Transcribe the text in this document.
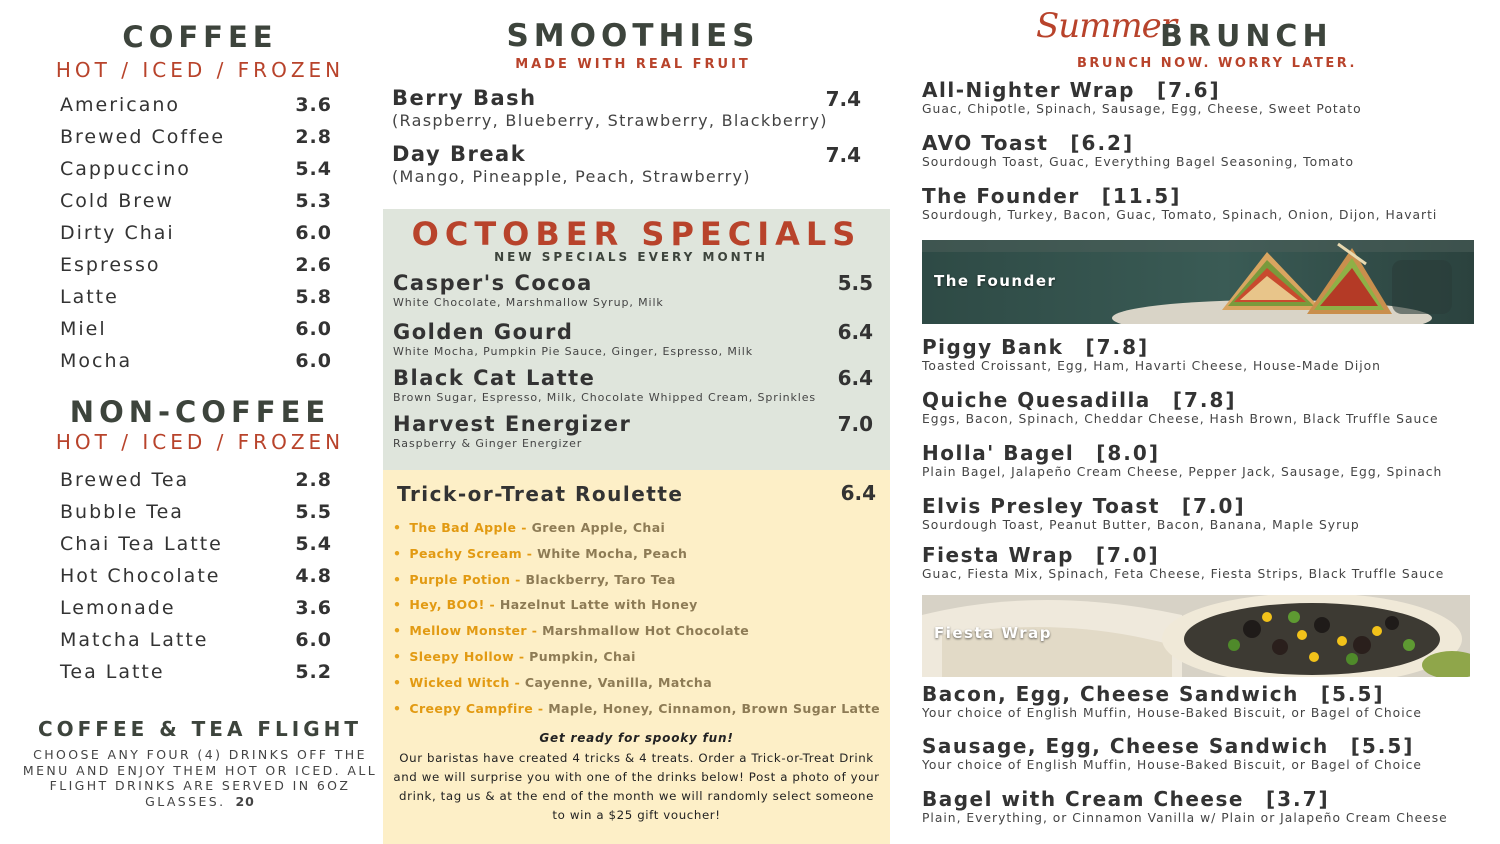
COFFEE
HOT / ICED / FROZEN
Americano	3.6
Brewed Coffee	2.8
Cappuccino	5.4
Cold Brew	5.3
Dirty Chai	6.0
Espresso	2.6
Latte	5.8
Miel	6.0
Mocha	6.0
NON-COFFEE
HOT / ICED / FROZEN
Brewed Tea	2.8
Bubble Tea	5.5
Chai Tea Latte	5.4
Hot Chocolate	4.8
Lemonade	3.6
Matcha Latte	6.0
Tea Latte	5.2
COFFEE & TEA FLIGHT
CHOOSE ANY FOUR (4) DRINKS OFF THE MENU AND ENJOY THEM HOT OR ICED. ALL FLIGHT DRINKS ARE SERVED IN 6OZ GLASSES. 20
SMOOTHIES
MADE WITH REAL FRUIT
Berry Bash	7.4
(Raspberry, Blueberry, Strawberry, Blackberry)
Day Break	7.4
(Mango, Pineapple, Peach, Strawberry)
OCTOBER SPECIALS
NEW SPECIALS EVERY MONTH
Casper's Cocoa	5.5
White Chocolate, Marshmallow Syrup, Milk
Golden Gourd	6.4
White Mocha, Pumpkin Pie Sauce, Ginger, Espresso, Milk
Black Cat Latte	6.4
Brown Sugar, Espresso, Milk, Chocolate Whipped Cream, Sprinkles
Harvest Energizer	7.0
Raspberry & Ginger Energizer
Trick-or-Treat Roulette	6.4
• The Bad Apple - Green Apple, Chai
• Peachy Scream - White Mocha, Peach
• Purple Potion - Blackberry, Taro Tea
• Hey, BOO! - Hazelnut Latte with Honey
• Mellow Monster - Marshmallow Hot Chocolate
• Sleepy Hollow - Pumpkin, Chai
• Wicked Witch - Cayenne, Vanilla, Matcha
• Creepy Campfire - Maple, Honey, Cinnamon, Brown Sugar Latte
Get ready for spooky fun!
Our baristas have created 4 tricks & 4 treats. Order a Trick-or-Treat Drink and we will surprise you with one of the drinks below! Post a photo of your drink, tag us & at the end of the month we will randomly select someone to win a $25 gift voucher!
Summer
BRUNCH
BRUNCH NOW. WORRY LATER.
All-Nighter Wrap [7.6]
Guac, Chipotle, Spinach, Sausage, Egg, Cheese, Sweet Potato
AVO Toast [6.2]
Sourdough Toast, Guac, Everything Bagel Seasoning, Tomato
The Founder [11.5]
Sourdough, Turkey, Bacon, Guac, Tomato, Spinach, Onion, Dijon, Havarti
The Founder
Piggy Bank [7.8]
Toasted Croissant, Egg, Ham, Havarti Cheese, House-Made Dijon
Quiche Quesadilla [7.8]
Eggs, Bacon, Spinach, Cheddar Cheese, Hash Brown, Black Truffle Sauce
Holla' Bagel [8.0]
Plain Bagel, Jalapeño Cream Cheese, Pepper Jack, Sausage, Egg, Spinach
Elvis Presley Toast [7.0]
Sourdough Toast, Peanut Butter, Bacon, Banana, Maple Syrup
Fiesta Wrap [7.0]
Guac, Fiesta Mix, Spinach, Feta Cheese, Fiesta Strips, Black Truffle Sauce
Fiesta Wrap
Bacon, Egg, Cheese Sandwich [5.5]
Your choice of English Muffin, House-Baked Biscuit, or Bagel of Choice
Sausage, Egg, Cheese Sandwich [5.5]
Your choice of English Muffin, House-Baked Biscuit, or Bagel of Choice
Bagel with Cream Cheese [3.7]
Plain, Everything, or Cinnamon Vanilla w/ Plain or Jalapeño Cream Cheese
